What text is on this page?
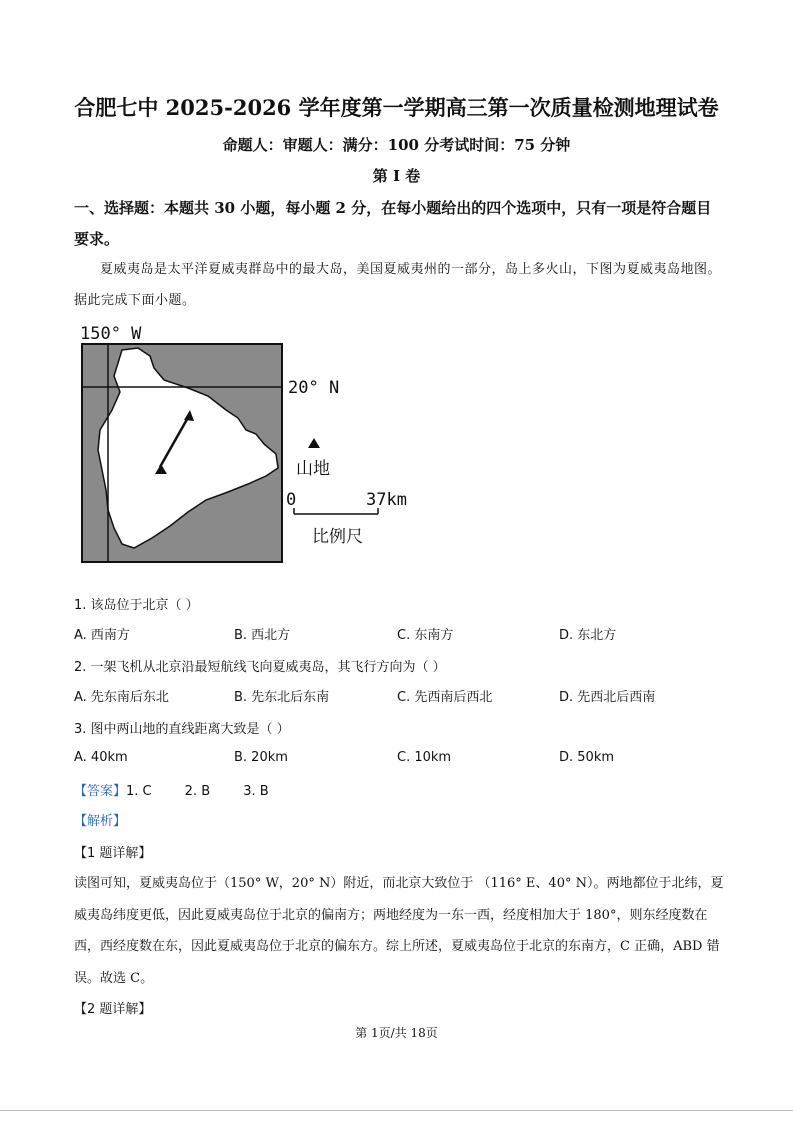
合肥七中 2025-2026 学年度第一学期高三第一次质量检测地理试卷
命题人：审题人：满分：100 分考试时间：75 分钟
第 I 卷
一、选择题：本题共 30 小题，每小题 2 分，在每小题给出的四个选项中，只有一项是符合题目要求。
夏威夷岛是太平洋夏威夷群岛中的最大岛，美国夏威夷州的一部分，岛上多火山，下图为夏威夷岛地图。据此完成下面小题。
150° W
20° N
山地
0	37km
比例尺
1. 该岛位于北京（ ）
A. 西南方	B. 西北方	C. 东南方	D. 东北方
2. 一架飞机从北京沿最短航线飞向夏威夷岛，其飞行方向为（ ）
A. 先东南后东北	B. 先东北后东南	C. 先西南后西北	D. 先西北后西南
3. 图中两山地的直线距离大致是（ ）
A. 40km	B. 20km	C. 10km	D. 50km
【答案】1. C        2. B        3. B
【解析】
【1 题详解】
读图可知，夏威夷岛位于（150° W，20° N）附近，而北京大致位于 （116° E、40° N）。两地都位于北纬，夏威夷岛纬度更低，因此夏威夷岛位于北京的偏南方；两地经度为一东一西，经度相加大于 180°，则东经度数在西，西经度数在东，因此夏威夷岛位于北京的偏东方。综上所述，夏威夷岛位于北京的东南方，C 正确，ABD 错误。故选 C。
【2 题详解】
第 1页/共 18页
